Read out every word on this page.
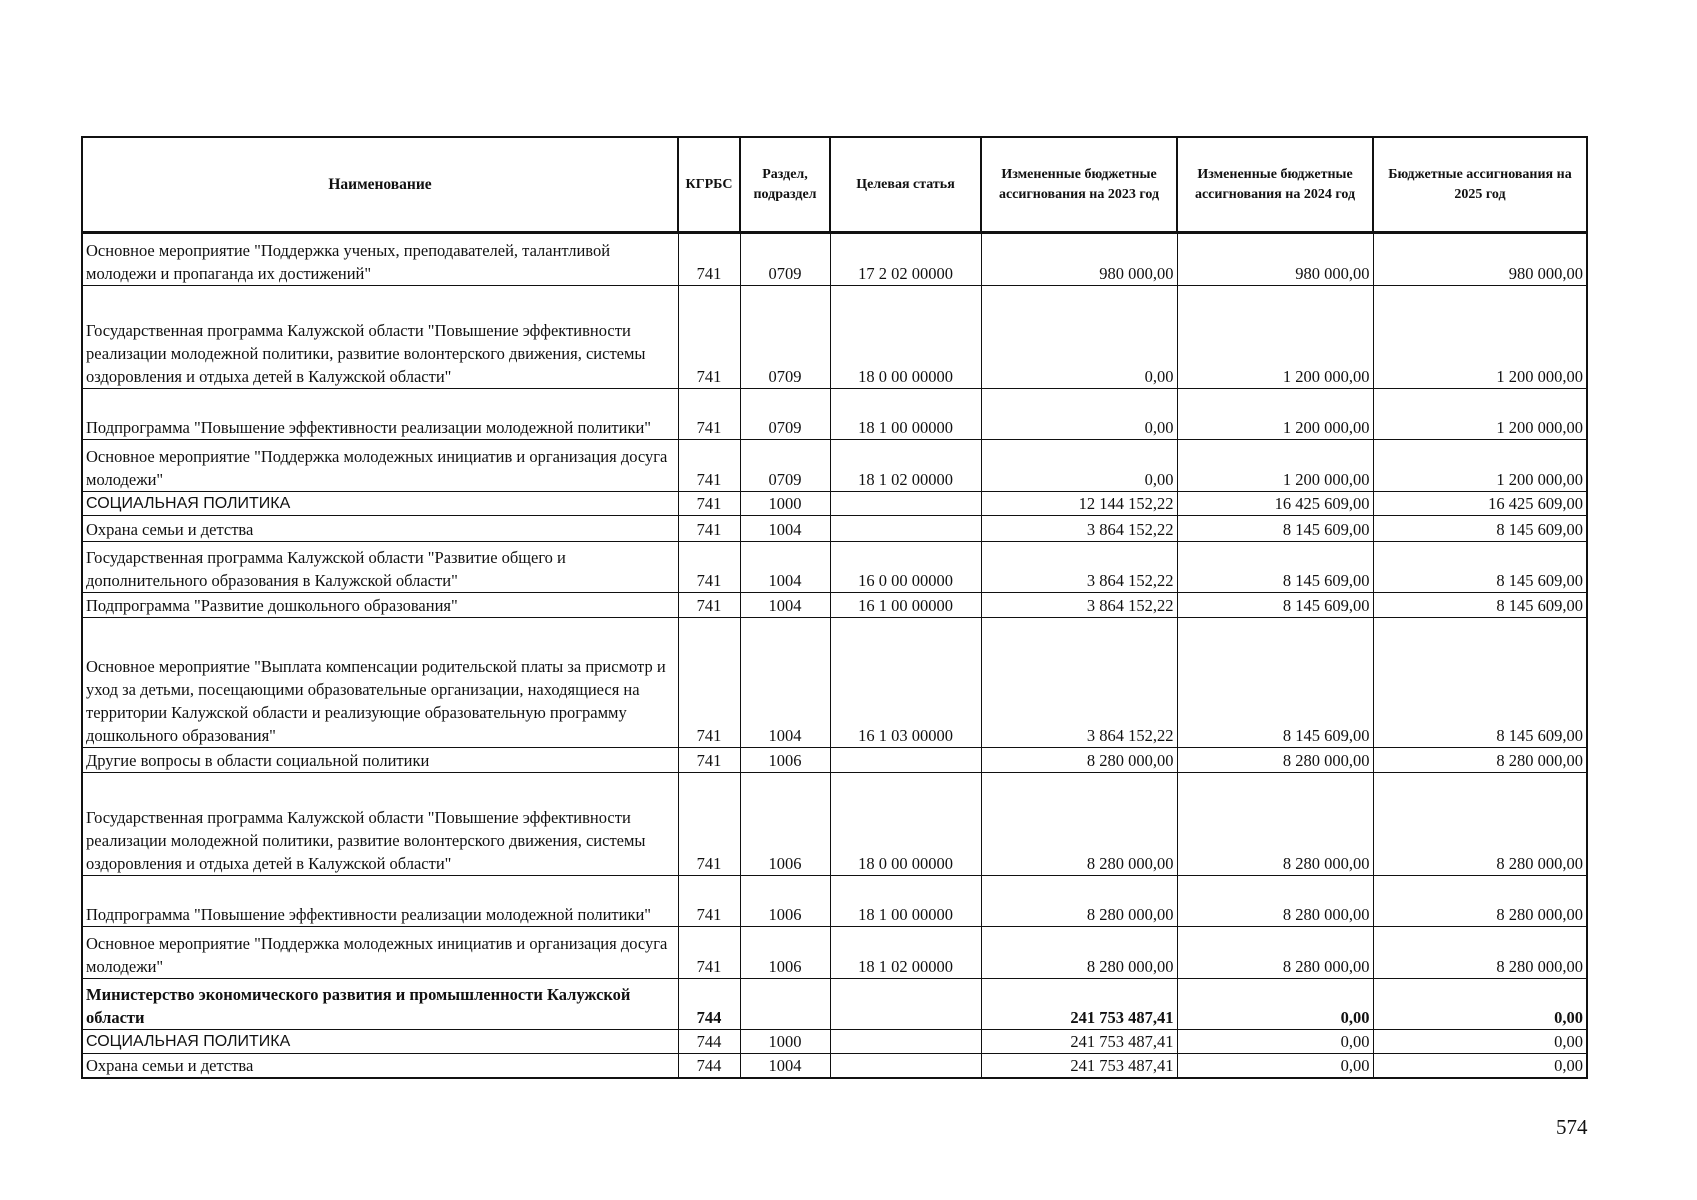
Наименование	КГРБС	Раздел, подраздел	Целевая статья	Измененные бюджетные ассигнования на 2023 год	Измененные бюджетные ассигнования на 2024 год	Бюджетные ассигнования на 2025 год
Основное мероприятие "Поддержка ученых, преподавателей, талантливой молодежи и пропаганда их достижений"	741	0709	17 2 02 00000	980 000,00	980 000,00	980 000,00
Государственная программа Калужской области "Повышение эффективности реализации молодежной политики, развитие волонтерского движения, системы оздоровления и отдыха детей в Калужской области"	741	0709	18 0 00 00000	0,00	1 200 000,00	1 200 000,00
Подпрограмма "Повышение эффективности реализации молодежной политики"	741	0709	18 1 00 00000	0,00	1 200 000,00	1 200 000,00
Основное мероприятие "Поддержка молодежных инициатив и организация досуга молодежи"	741	0709	18 1 02 00000	0,00	1 200 000,00	1 200 000,00
СОЦИАЛЬНАЯ ПОЛИТИКА	741	1000		12 144 152,22	16 425 609,00	16 425 609,00
Охрана семьи и детства	741	1004		3 864 152,22	8 145 609,00	8 145 609,00
Государственная программа Калужской области "Развитие общего и дополнительного образования в Калужской области"	741	1004	16 0 00 00000	3 864 152,22	8 145 609,00	8 145 609,00
Подпрограмма "Развитие дошкольного образования"	741	1004	16 1 00 00000	3 864 152,22	8 145 609,00	8 145 609,00
Основное мероприятие "Выплата компенсации родительской платы за присмотр и уход за детьми, посещающими образовательные организации, находящиеся на территории Калужской области и реализующие образовательную программу дошкольного образования"	741	1004	16 1 03 00000	3 864 152,22	8 145 609,00	8 145 609,00
Другие вопросы в области социальной политики	741	1006		8 280 000,00	8 280 000,00	8 280 000,00
Государственная программа Калужской области "Повышение эффективности реализации молодежной политики, развитие волонтерского движения, системы оздоровления и отдыха детей в Калужской области"	741	1006	18 0 00 00000	8 280 000,00	8 280 000,00	8 280 000,00
Подпрограмма "Повышение эффективности реализации молодежной политики"	741	1006	18 1 00 00000	8 280 000,00	8 280 000,00	8 280 000,00
Основное мероприятие "Поддержка молодежных инициатив и организация досуга молодежи"	741	1006	18 1 02 00000	8 280 000,00	8 280 000,00	8 280 000,00
Министерство экономического развития и промышленности Калужской области	744			241 753 487,41	0,00	0,00
СОЦИАЛЬНАЯ ПОЛИТИКА	744	1000		241 753 487,41	0,00	0,00
Охрана семьи и детства	744	1004		241 753 487,41	0,00	0,00
574
